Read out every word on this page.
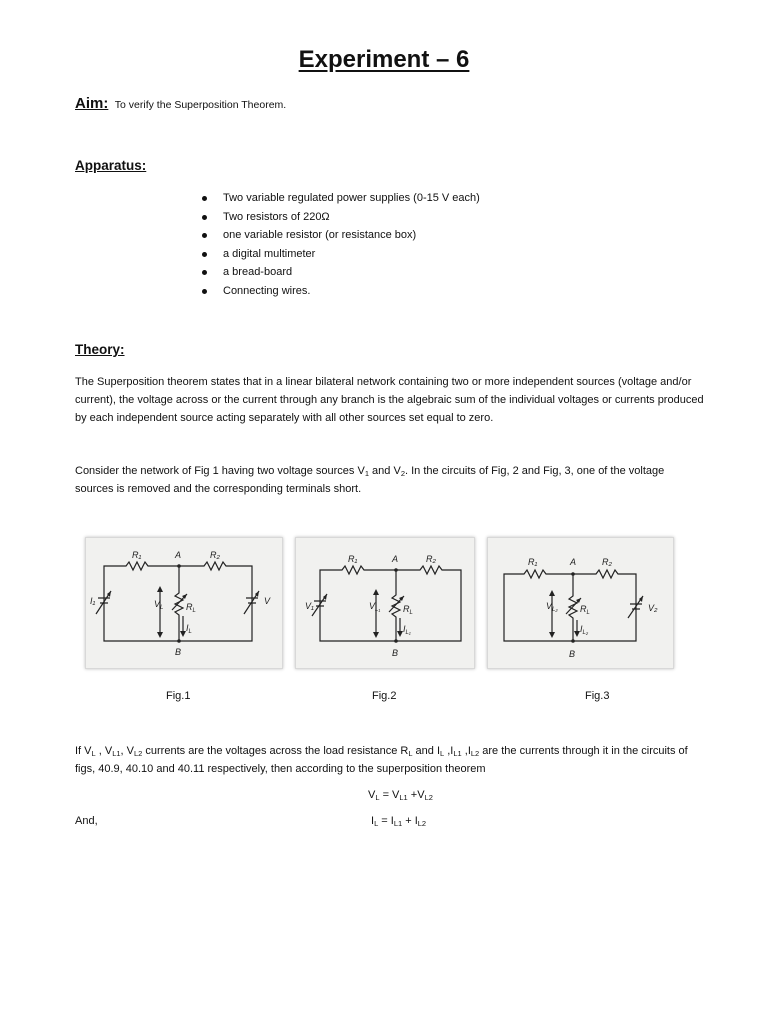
Experiment – 6
Aim: To verify the Superposition Theorem.
Apparatus:
Two variable regulated power supplies (0-15 V each)
Two resistors of 220Ω
one variable resistor (or resistance box)
a digital multimeter
a bread-board
Connecting wires.
Theory:
The Superposition theorem states that in a linear bilateral network containing two or more independent sources (voltage and/or current), the voltage across or the current through any branch is the algebraic sum of the individual voltages or currents produced by each independent source acting separately with all other sources set equal to zero.
Consider the network of Fig 1 having two voltage sources $V_1$ and $V_2$. In the circuits of Fig, 2 and Fig, 3, one of the voltage sources is removed and the corresponding terminals short.
R₁	R₂
A
B
I₁	V
$V_L$	$R_L$
$I_L$
R₁	R₂
A
B
V₁	$V_{L_1}$	$R_L$
$I_{L_1}$
R₁	R₂
A
B
V₂
$V_{L_2}$ $R_L$
$I_{L_2}$
Fig.1	Fig.2	Fig.3
If $V_L$ , $V_{L1}$, $V_{L2}$ currents are the voltages across the load resistance $R_L$ and $I_L$ $,I_{L1}$ $,I_{L2}$ are the currents through it in the circuits of figs, 40.9, 40.10 and 40.11 respectively, then according to the superposition theorem
$V_L = V_{L1} +V_{L2}$
And,	$I_L = I_{L1} + I_{L2}$
